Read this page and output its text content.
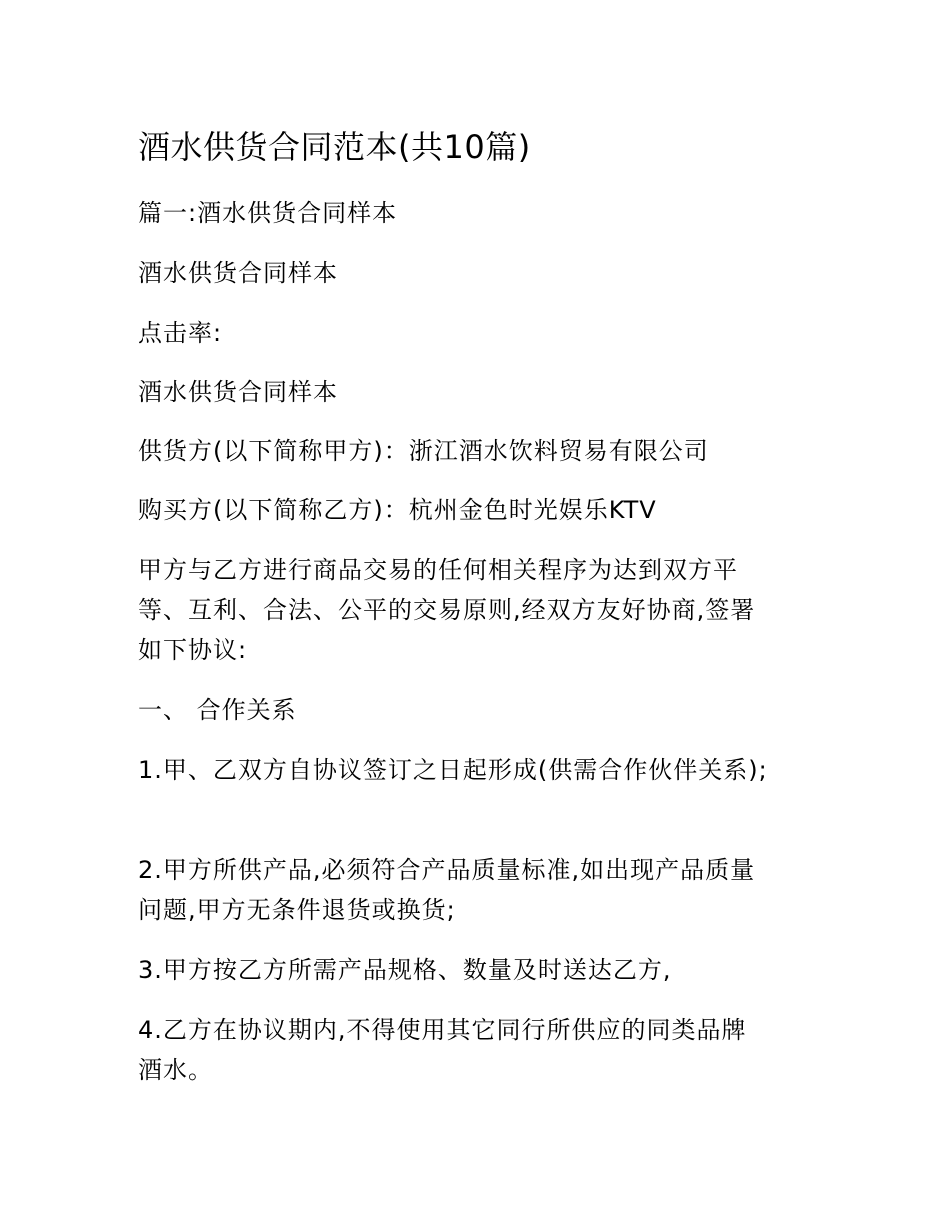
酒水供货合同范本(共10篇)
篇一:酒水供货合同样本
酒水供货合同样本
点击率:
酒水供货合同样本
供货方(以下简称甲方)：浙江酒水饮料贸易有限公司
购买方(以下简称乙方)：杭州金色时光娱乐KTV
甲方与乙方进行商品交易的任何相关程序为达到双方平
等、互利、合法、公平的交易原则,经双方友好协商,签署
如下协议:
一、 合作关系
1.甲、乙双方自协议签订之日起形成(供需合作伙伴关系);
2.甲方所供产品,必须符合产品质量标准,如出现产品质量
问题,甲方无条件退货或换货;
3.甲方按乙方所需产品规格、数量及时送达乙方,
4.乙方在协议期内,不得使用其它同行所供应的同类品牌
酒水。
